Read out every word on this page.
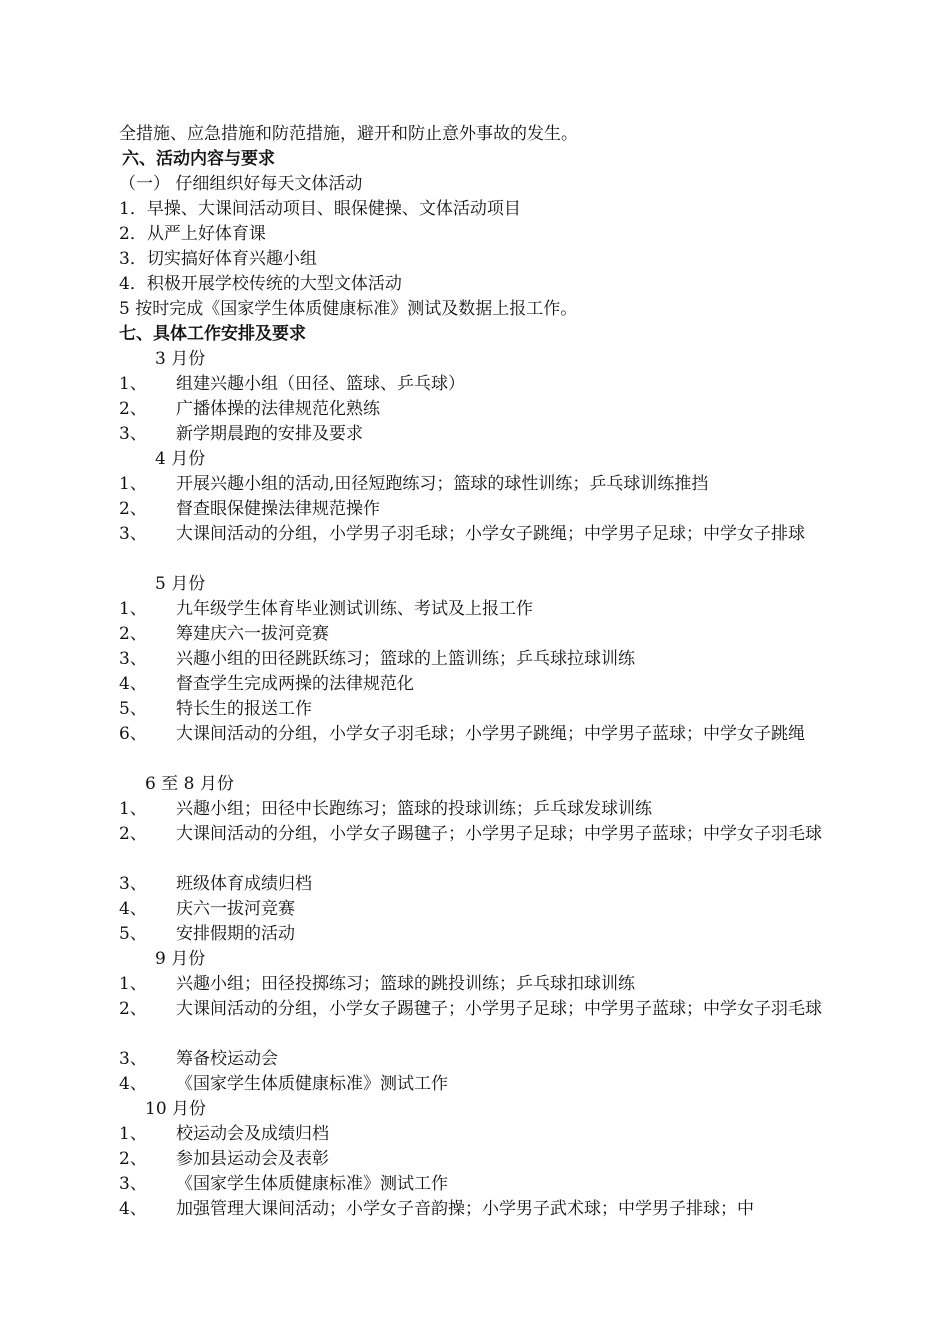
全措施、应急措施和防范措施，避开和防止意外事故的发生。
六、活动内容与要求
（一） 仔细组织好每天文体活动
1．早操、大课间活动项目、眼保健操、文体活动项目
2．从严上好体育课
3．切实搞好体育兴趣小组
4．积极开展学校传统的大型文体活动
5 按时完成《国家学生体质健康标准》测试及数据上报工作。
七、具体工作安排及要求
3 月份
1、 组建兴趣小组（田径、篮球、乒乓球）
2、 广播体操的法律规范化熟练
3、 新学期晨跑的安排及要求
4 月份
1、 开展兴趣小组的活动,田径短跑练习；篮球的球性训练；乒乓球训练推挡
2、 督查眼保健操法律规范操作
3、 大课间活动的分组，小学男子羽毛球；小学女子跳绳；中学男子足球；中学女子排球
5 月份
1、 九年级学生体育毕业测试训练、考试及上报工作
2、 筹建庆六一拔河竞赛
3、 兴趣小组的田径跳跃练习；篮球的上篮训练；乒乓球拉球训练
4、 督查学生完成两操的法律规范化
5、 特长生的报送工作
6、 大课间活动的分组，小学女子羽毛球；小学男子跳绳；中学男子蓝球；中学女子跳绳
6 至 8 月份
1、 兴趣小组；田径中长跑练习；篮球的投球训练；乒乓球发球训练
2、 大课间活动的分组，小学女子踢毽子；小学男子足球；中学男子蓝球；中学女子羽毛球
3、 班级体育成绩归档
4、 庆六一拔河竞赛
5、 安排假期的活动
9 月份
1、 兴趣小组；田径投掷练习；篮球的跳投训练；乒乓球扣球训练
2、 大课间活动的分组，小学女子踢毽子；小学男子足球；中学男子蓝球；中学女子羽毛球
3、 筹备校运动会
4、 《国家学生体质健康标准》测试工作
10 月份
1、 校运动会及成绩归档
2、 参加县运动会及表彰
3、 《国家学生体质健康标准》测试工作
4、 加强管理大课间活动；小学女子音韵操；小学男子武术球；中学男子排球；中
